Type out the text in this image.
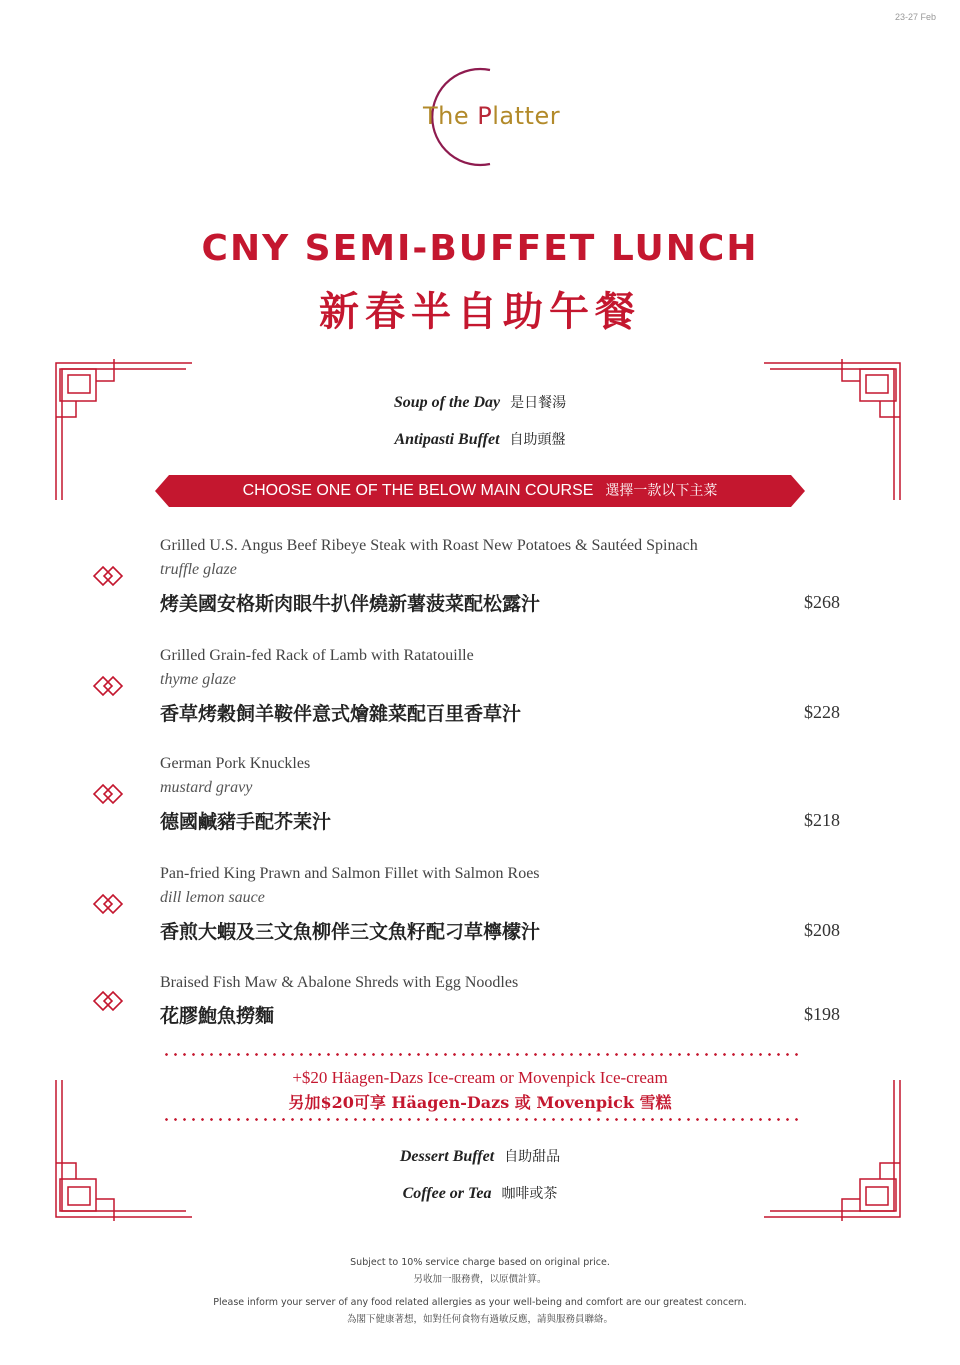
23-27 Feb
The Platter
CNY SEMI-BUFFET LUNCH
新春半自助午餐
Soup of the Day 是日餐湯
Antipasti Buffet 自助頭盤
CHOOSE ONE OF THE BELOW MAIN COURSE 選擇一款以下主菜
Grilled U.S. Angus Beef Ribeye Steak with Roast New Potatoes & Sautéed Spinach
truffle glaze
烤美國安格斯肉眼牛扒伴燒新薯菠菜配松露汁	$268
Grilled Grain-fed Rack of Lamb with Ratatouille
thyme glaze
香草烤穀飼羊鞍伴意式燴雜菜配百里香草汁	$228
German Pork Knuckles
mustard gravy
德國鹹豬手配芥茉汁	$218
Pan-fried King Prawn and Salmon Fillet with Salmon Roes
dill lemon sauce
香煎大蝦及三文魚柳伴三文魚籽配刁草檸檬汁	$208
Braised Fish Maw & Abalone Shreds with Egg Noodles
花膠鮑魚撈麵	$198
+$20 Häagen-Dazs Ice-cream or Movenpick Ice-cream
另加$20可享 Häagen-Dazs 或 Movenpick 雪糕
Dessert Buffet 自助甜品
Coffee or Tea 咖啡或茶
Subject to 10% service charge based on original price.
另收加一服務費，以原價計算。
Please inform your server of any food related allergies as your well-being and comfort are our greatest concern.
為閣下健康著想，如對任何食物有過敏反應，請與服務員聯絡。
